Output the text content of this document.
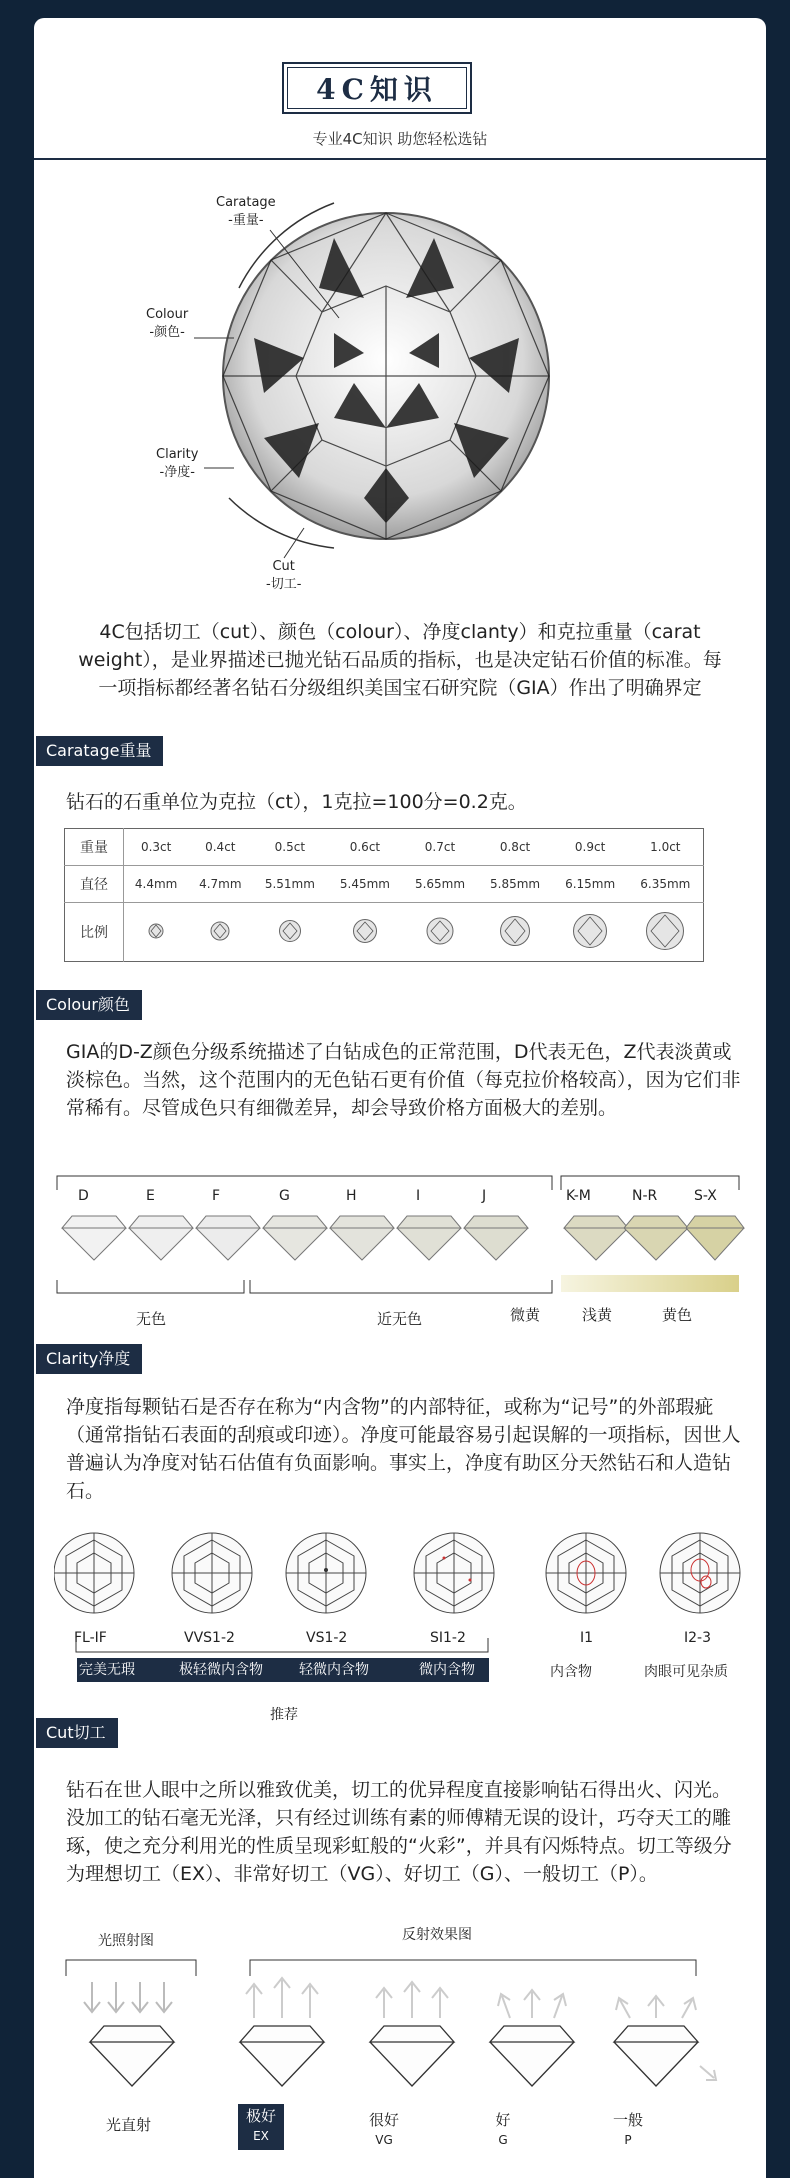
4C知识
专业4C知识 助您轻松选钻
Caratage
-重量-
Colour
-颜色-
Clarity
-净度-
Cut
-切工-
4C包括切工（cut）、颜色（colour）、净度clanty）和克拉重量（carat weight），是业界描述已抛光钻石品质的指标，也是决定钻石价值的标准。每一项指标都经著名钻石分级组织美国宝石研究院（GIA）作出了明确界定
Caratage重量
钻石的石重单位为克拉（ct），1克拉=100分=0.2克。
重量	0.3ct	0.4ct	0.5ct	0.6ct	0.7ct	0.8ct	0.9ct	1.0ct
直径	4.4mm	4.7mm	5.51mm	5.45mm	5.65mm	5.85mm	6.15mm	6.35mm
比例								
Colour颜色
GIA的D-Z颜色分级系统描述了白钻成色的正常范围，D代表无色，Z代表淡黄或淡棕色。当然，这个范围内的无色钻石更有价值（每克拉价格较高），因为它们非常稀有。尽管成色只有细微差异，却会导致价格方面极大的差别。
D	E	F	G	H	I	J	K-M	N-R	S-X
无色	近无色	微黄	浅黄	黄色
Clarity净度
净度指每颗钻石是否存在称为“内含物”的内部特征，或称为“记号”的外部瑕疵（通常指钻石表面的刮痕或印迹）。净度可能最容易引起误解的一项指标，因世人普遍认为净度对钻石估值有负面影响。事实上，净度有助区分天然钻石和人造钻石。
FL-IF	VVS1-2	VS1-2	SI1-2	I1	I2-3
完美无瑕	极轻微内含物	轻微内含物	微内含物	内含物	肉眼可见杂质
推荐
Cut切工
钻石在世人眼中之所以雅致优美，切工的优异程度直接影响钻石得出火、闪光。没加工的钻石毫无光泽，只有经过训练有素的师傅精无误的设计，巧夺天工的雕琢，使之充分利用光的性质呈现彩虹般的“火彩”，并具有闪烁特点。切工等级分为理想切工（EX）、非常好切工（VG）、好切工（G）、一般切工（P）。
光照射图	反射效果图
光直射	极好
EX
很好
VG
好
G
一般
P
